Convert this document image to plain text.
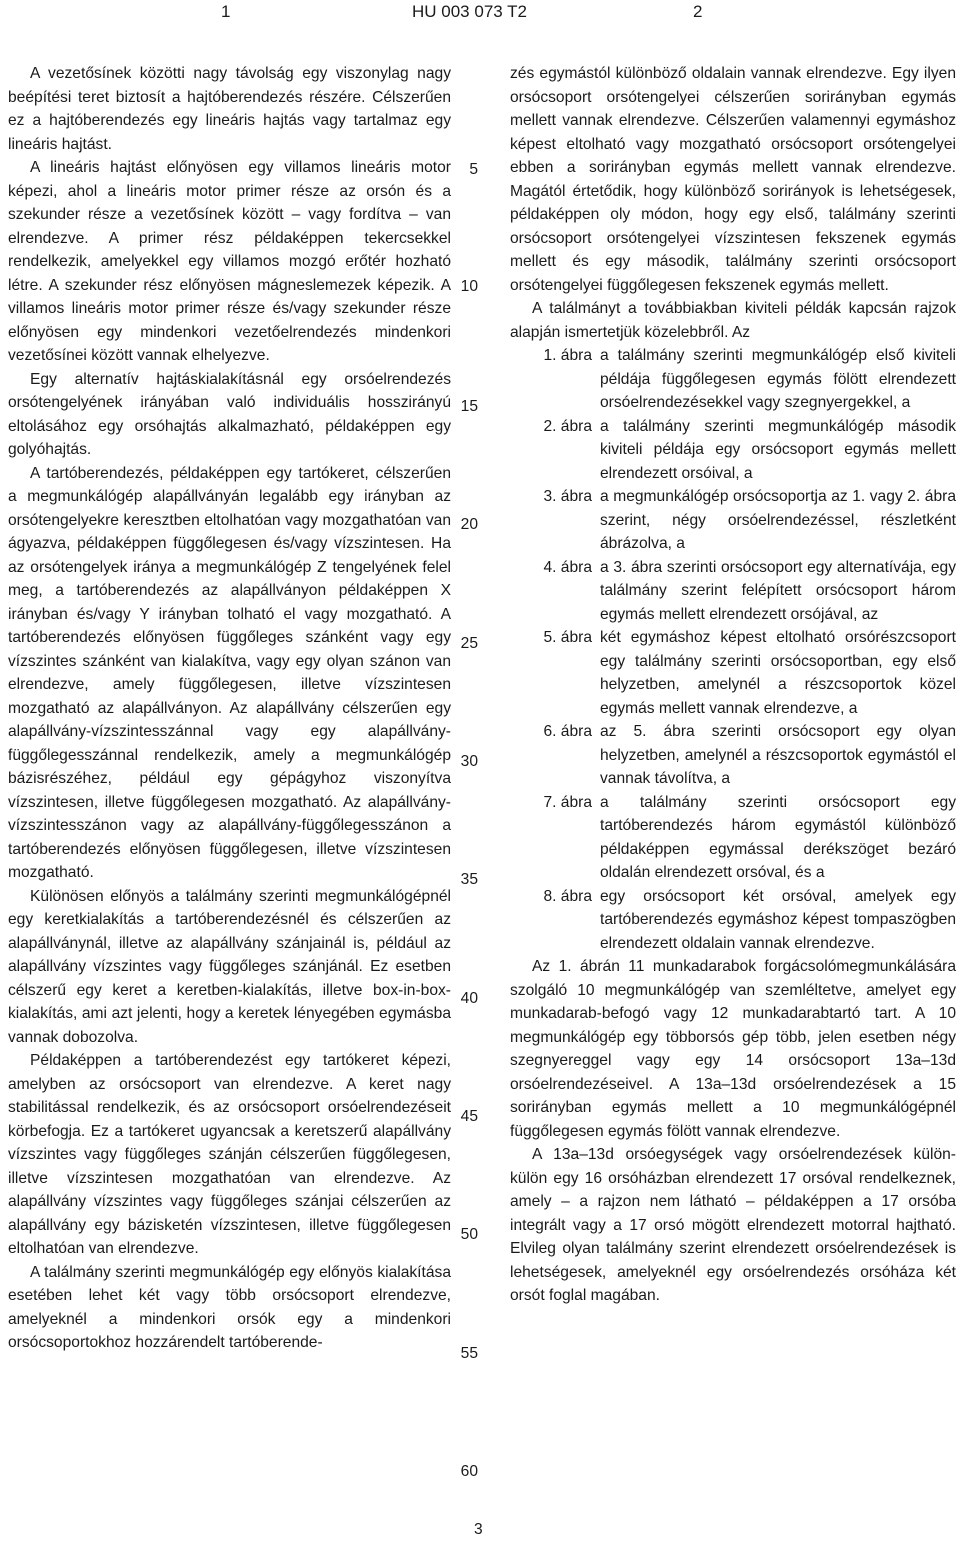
1	HU 003 073 T2	2

A vezetősínek közötti nagy távolság egy viszonylag nagy beépítési teret biztosít a hajtóberendezés részére. Célszerűen ez a hajtóberendezés egy lineáris hajtás vagy tartalmaz egy lineáris hajtást.

A lineáris hajtást előnyösen egy villamos lineáris motor képezi, ahol a lineáris motor primer része az orsón és a szekunder része a vezetősínek között – vagy fordítva – van elrendezve. A primer rész példaképpen tekercsekkel rendelkezik, amelyekkel egy villamos mozgó erőtér hozható létre. A szekunder rész előnyösen mágneslemezek képezik. A villamos lineáris motor primer része és/vagy szekunder része előnyösen egy mindenkori vezetőelrendezés mindenkori vezetősínei között vannak elhelyezve.

Egy alternatív hajtáskialakításnál egy orsóelrendezés orsótengelyének irányában való individuális hosszirányú eltolásához egy orsóhajtás alkalmazható, példaképpen egy golyóhajtás.

A tartóberendezés, példaképpen egy tartókeret, célszerűen a megmunkálógép alapállványán legalább egy irányban az orsótengelyekre keresztben eltolhatóan vagy mozgathatóan van ágyazva, példaképpen függőlegesen és/vagy vízszintesen. Ha az orsótengelyek iránya a megmunkálógép Z tengelyének felel meg, a tartóberendezés az alapállványon példaképpen X irányban és/vagy Y irányban tolható el vagy mozgatható. A tartóberendezés előnyösen függőleges szánként vagy egy vízszintes szánként van kialakítva, vagy egy olyan szánon van elrendezve, amely függőlegesen, illetve vízszintesen mozgatható az alapállványon. Az alapállvány célszerűen egy alapállvány-vízszintesszánnal vagy egy alapállvány-függőlegesszánnal rendelkezik, amely a megmunkálógép bázisrészéhez, például egy gépágyhoz viszonyítva vízszintesen, illetve függőlegesen mozgatható. Az alapállvány-vízszintesszánon vagy az alapállvány-függőlegesszánon a tartóberendezés előnyösen függőlegesen, illetve vízszintesen mozgatható.

Különösen előnyös a találmány szerinti megmunkálógépnél egy keretkialakítás a tartóberendezésnél és célszerűen az alapállványnál, illetve az alapállvány szánjainál is, például az alapállvány vízszintes vagy függőleges szánjánál. Ez esetben célszerű egy keret a keretben-kialakítás, illetve box-in-box-kialakítás, ami azt jelenti, hogy a keretek lényegében egymásba vannak dobozolva.

Példaképpen a tartóberendezést egy tartókeret képezi, amelyben az orsócsoport van elrendezve. A keret nagy stabilitással rendelkezik, és az orsócsoport orsóelrendezéseit körbefogja. Ez a tartókeret ugyancsak a keretszerű alapállvány vízszintes vagy függőleges szánján célszerűen függőlegesen, illetve vízszintesen mozgathatóan van elrendezve. Az alapállvány vízszintes vagy függőleges szánjai célszerűen az alapállvány egy bázisketén vízszintesen, illetve függőlegesen eltolhatóan van elrendezve.

A találmány szerinti megmunkálógép egy előnyös kialakítása esetében lehet két vagy több orsócsoport elrendezve, amelyeknél a mindenkori orsók egy a mindenkori orsócsoportokhoz hozzárendelt tartóberende-

5
10
15
20
25
30
35
40
45
50
55
60

zés egymástól különböző oldalain vannak elrendezve. Egy ilyen orsócsoport orsótengelyei célszerűen sorirányban egymás mellett vannak elrendezve. Célszerűen valamennyi egymáshoz képest eltolható vagy mozgatható orsócsoport orsótengelyei ebben a sorirányban egymás mellett vannak elrendezve. Magától értetődik, hogy különböző sorirányok is lehetségesek, példaképpen oly módon, hogy egy első, találmány szerinti orsócsoport orsótengelyei vízszintesen fekszenek egymás mellett és egy második, találmány szerinti orsócsoport orsótengelyei függőlegesen fekszenek egymás mellett.

A találmányt a továbbiakban kiviteli példák kapcsán rajzok alapján ismertetjük közelebbről. Az

1. ábra a találmány szerinti megmunkálógép első kiviteli példája függőlegesen egymás fölött elrendezett orsóelrendezésekkel vagy szegnyergekkel, a
2. ábra a találmány szerinti megmunkálógép második kiviteli példája egy orsócsoport egymás mellett elrendezett orsóival, a
3. ábra a megmunkálógép orsócsoportja az 1. vagy 2. ábra szerint, négy orsóelrendezéssel, részletként ábrázolva, a
4. ábra a 3. ábra szerinti orsócsoport egy alternatívája, egy találmány szerint felépített orsócsoport három egymás mellett elrendezett orsójával, az
5. ábra két egymáshoz képest eltolható orsórészcsoport egy találmány szerinti orsócsoportban, egy első helyzetben, amelynél a részcsoportok közel egymás mellett vannak elrendezve, a
6. ábra az 5. ábra szerinti orsócsoport egy olyan helyzetben, amelynél a részcsoportok egymástól el vannak távolítva, a
7. ábra a találmány szerinti orsócsoport egy tartóberendezés három egymástól különböző példaképpen egymással derékszöget bezáró oldalán elrendezett orsóval, és a
8. ábra egy orsócsoport két orsóval, amelyek egy tartóberendezés egymáshoz képest tompaszögben elrendezett oldalain vannak elrendezve.

Az 1. ábrán 11 munkadarabok forgácsolómegmunkálására szolgáló 10 megmunkálógép van szemléltetve, amelyet egy munkadarab-befogó vagy 12 munkadarabtartó tart. A 10 megmunkálógép egy többorsós gép több, jelen esetben négy szegnyereggel vagy egy 14 orsócsoport 13a–13d orsóelrendezéseivel. A 13a–13d orsóelrendezések a 15 sorirányban egymás mellett a 10 megmunkálógépnél függőlegesen egymás fölött vannak elrendezve.

A 13a–13d orsóegységek vagy orsóelrendezések külön-külön egy 16 orsóházban elrendezett 17 orsóval rendelkeznek, amely – a rajzon nem látható – példaképpen a 17 orsóba integrált vagy a 17 orsó mögött elrendezett motorral hajtható. Elvileg olyan találmány szerint elrendezett orsóelrendezések is lehetségesek, amelyeknél egy orsóelrendezés orsóháza két orsót foglal magában.

3
